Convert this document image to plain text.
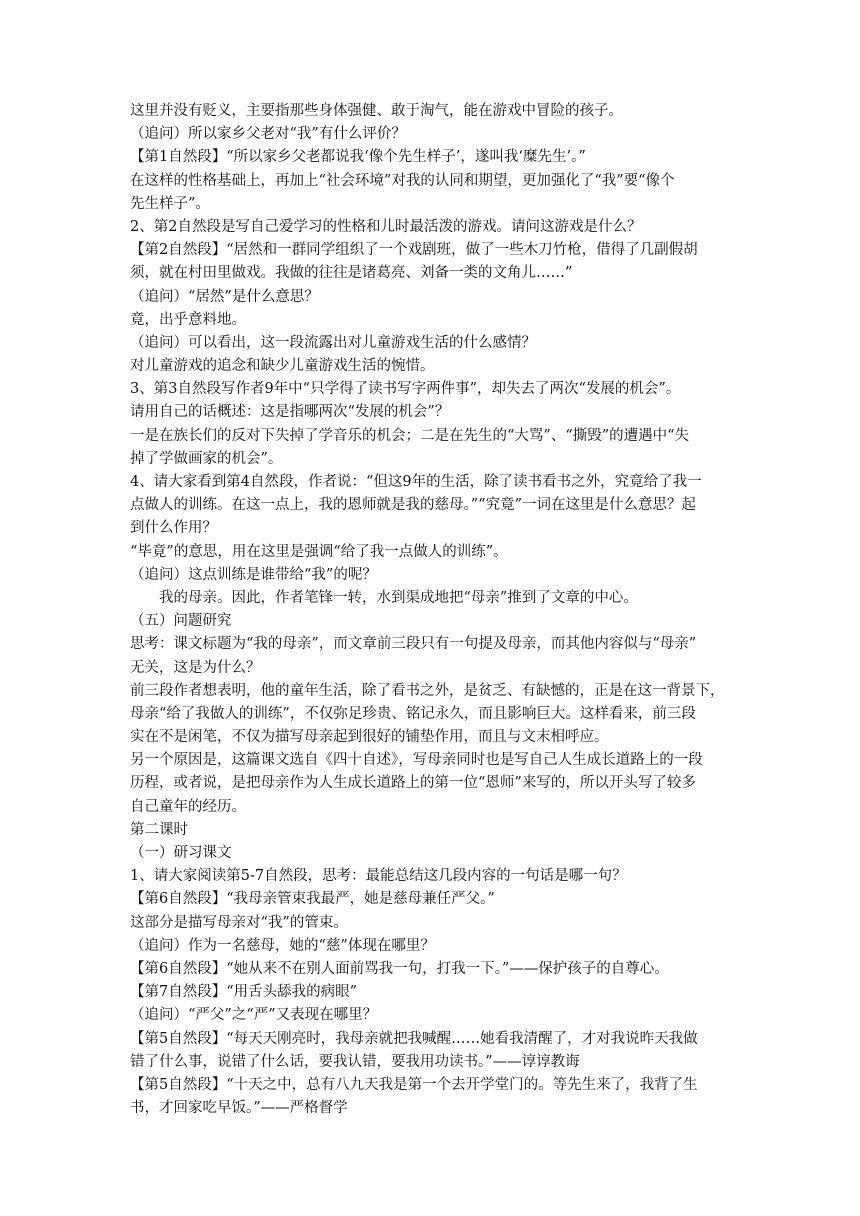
这里并没有贬义，主要指那些身体强健、敢于淘气，能在游戏中冒险的孩子。
（追问）所以家乡父老对“我”有什么评价？
【第1自然段】“所以家乡父老都说我‘像个先生样子’，遂叫我‘糜先生’。”
在这样的性格基础上，再加上“社会环境”对我的认同和期望，更加强化了“我”要“像个
先生样子”。
2、第2自然段是写自己爱学习的性格和儿时最活泼的游戏。请问这游戏是什么？
【第2自然段】“居然和一群同学组织了一个戏剧班，做了一些木刀竹枪，借得了几副假胡
须，就在村田里做戏。我做的往往是诸葛亮、刘备一类的文角儿……”
（追问）“居然”是什么意思？
竟，出乎意料地。
（追问）可以看出，这一段流露出对儿童游戏生活的什么感情？
对儿童游戏的追念和缺少儿童游戏生活的惋惜。
3、第3自然段写作者9年中“只学得了读书写字两件事”，却失去了两次“发展的机会”。
请用自己的话概述：这是指哪两次“发展的机会”？
一是在族长们的反对下失掉了学音乐的机会；二是在先生的“大骂”、“撕毁”的遭遇中“失
掉了学做画家的机会”。
4、请大家看到第4自然段，作者说：“但这9年的生活，除了读书看书之外，究竟给了我一
点做人的训练。在这一点上，我的恩师就是我的慈母。”“究竟”一词在这里是什么意思？起
到什么作用？
“毕竟”的意思，用在这里是强调“给了我一点做人的训练”。
（追问）这点训练是谁带给“我”的呢？
我的母亲。因此，作者笔锋一转，水到渠成地把“母亲”推到了文章的中心。
（五）问题研究
思考：课文标题为“我的母亲”，而文章前三段只有一句提及母亲，而其他内容似与“母亲”
无关，这是为什么？
前三段作者想表明，他的童年生活，除了看书之外，是贫乏、有缺憾的，正是在这一背景下，
母亲“给了我做人的训练”，不仅弥足珍贵、铭记永久，而且影响巨大。这样看来，前三段
实在不是闲笔，不仅为描写母亲起到很好的铺垫作用，而且与文末相呼应。
另一个原因是，这篇课文选自《四十自述》，写母亲同时也是写自己人生成长道路上的一段
历程，或者说，是把母亲作为人生成长道路上的第一位“恩师”来写的，所以开头写了较多
自己童年的经历。
第二课时
（一）研习课文
1、请大家阅读第5-7自然段，思考：最能总结这几段内容的一句话是哪一句？
【第6自然段】“我母亲管束我最严，她是慈母兼任严父。”
这部分是描写母亲对“我”的管束。
（追问）作为一名慈母，她的“慈”体现在哪里？
【第6自然段】“她从来不在别人面前骂我一句，打我一下。”——保护孩子的自尊心。
【第7自然段】“用舌头舔我的病眼”
（追问）“严父”之“严”又表现在哪里？
【第5自然段】“每天天刚亮时，我母亲就把我喊醒……她看我清醒了，才对我说昨天我做
错了什么事，说错了什么话，要我认错，要我用功读书。”——谆谆教诲
【第5自然段】“十天之中，总有八九天我是第一个去开学堂门的。等先生来了，我背了生
书，才回家吃早饭。”——严格督学
